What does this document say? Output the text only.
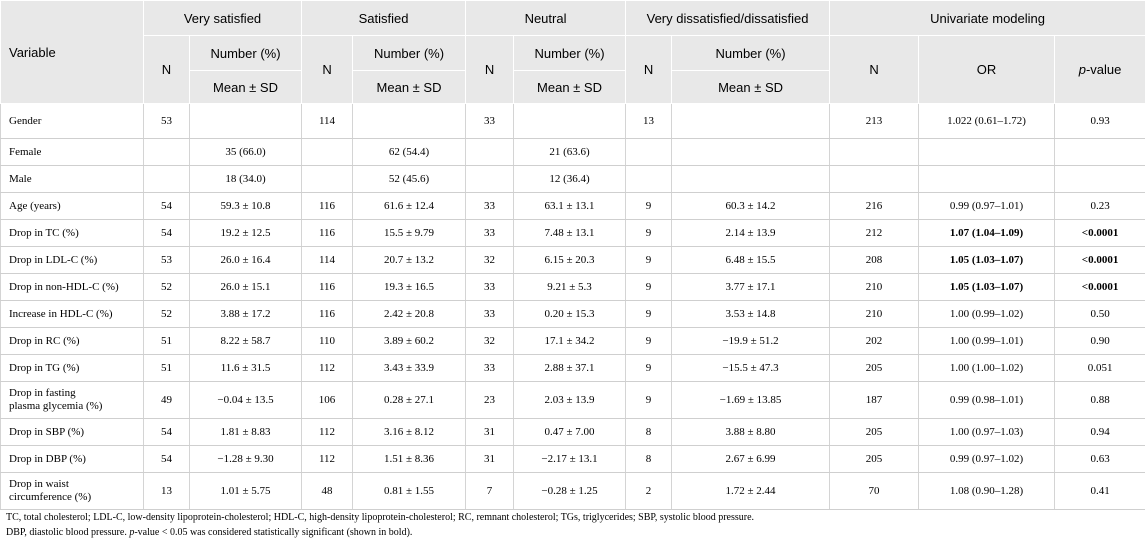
Variable	Very satisfied		Satisfied		Neutral		Very dissatisfied/dissatisfied		Univariate modeling		
	N	Number (%)	N	Number (%)	N	Number (%)	N	Number (%)	N	OR	p-value
		Mean ± SD		Mean ± SD		Mean ± SD		Mean ± SD			
Gender	53		114		33		13		213	1.022 (0.61–1.72)	0.93
Female		35 (66.0)		62 (54.4)		21 (63.6)					
Male		18 (34.0)		52 (45.6)		12 (36.4)					
Age (years)	54	59.3 ± 10.8	116	61.6 ± 12.4	33	63.1 ± 13.1	9	60.3 ± 14.2	216	0.99 (0.97–1.01)	0.23
Drop in TC (%)	54	19.2 ± 12.5	116	15.5 ± 9.79	33	7.48 ± 13.1	9	2.14 ± 13.9	212	1.07 (1.04–1.09)	<0.0001
Drop in LDL-C (%)	53	26.0 ± 16.4	114	20.7 ± 13.2	32	6.15 ± 20.3	9	6.48 ± 15.5	208	1.05 (1.03–1.07)	<0.0001
Drop in non-HDL-C (%)	52	26.0 ± 15.1	116	19.3 ± 16.5	33	9.21 ± 5.3	9	3.77 ± 17.1	210	1.05 (1.03–1.07)	<0.0001
Increase in HDL-C (%)	52	3.88 ± 17.2	116	2.42 ± 20.8	33	0.20 ± 15.3	9	3.53 ± 14.8	210	1.00 (0.99–1.02)	0.50
Drop in RC (%)	51	8.22 ± 58.7	110	3.89 ± 60.2	32	17.1 ± 34.2	9	−19.9 ± 51.2	202	1.00 (0.99–1.01)	0.90
Drop in TG (%)	51	11.6 ± 31.5	112	3.43 ± 33.9	33	2.88 ± 37.1	9	−15.5 ± 47.3	205	1.00 (1.00–1.02)	0.051

Drop in fasting
plasma glycemia (%)	49	−0.04 ± 13.5	106	0.28 ± 27.1	23	2.03 ± 13.9	9	−1.69 ± 13.85	187	0.99 (0.98–1.01)	0.88
Drop in SBP (%)	54	1.81 ± 8.83	112	3.16 ± 8.12	31	0.47 ± 7.00	8	3.88 ± 8.80	205	1.00 (0.97–1.03)	0.94
Drop in DBP (%)	54	−1.28 ± 9.30	112	1.51 ± 8.36	31	−2.17 ± 13.1	8	2.67 ± 6.99	205	0.99 (0.97–1.02)	0.63

Drop in waist
circumference (%)	13	1.01 ± 5.75	48	0.81 ± 1.55	7	−0.28 ± 1.25	2	1.72 ± 2.44	70	1.08 (0.90–1.28)	0.41
TC, total cholesterol; LDL-C, low-density lipoprotein-cholesterol; HDL-C, high-density lipoprotein-cholesterol; RC, remnant cholesterol; TGs, triglycerides; SBP, systolic blood pressure.
DBP, diastolic blood pressure. p-value < 0.05 was considered statistically significant (shown in bold).
